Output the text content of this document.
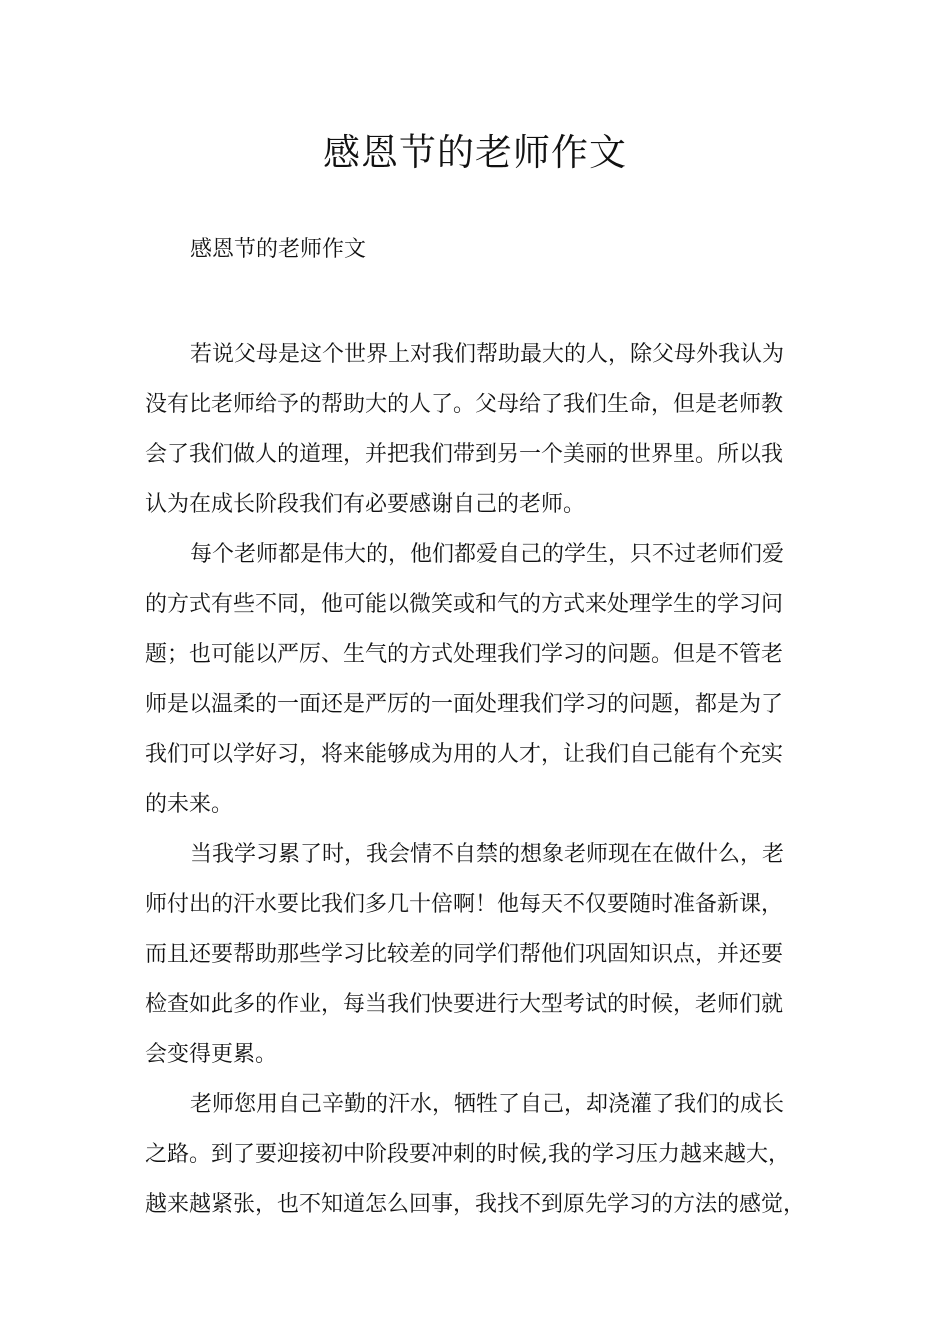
感恩节的老师作文
感恩节的老师作文
若说父母是这个世界上对我们帮助最大的人，除父母外我认为
没有比老师给予的帮助大的人了。父母给了我们生命，但是老师教
会了我们做人的道理，并把我们带到另一个美丽的世界里。所以我
认为在成长阶段我们有必要感谢自己的老师。
每个老师都是伟大的，他们都爱自己的学生，只不过老师们爱
的方式有些不同，他可能以微笑或和气的方式来处理学生的学习问
题；也可能以严厉、生气的方式处理我们学习的问题。但是不管老
师是以温柔的一面还是严厉的一面处理我们学习的问题，都是为了
我们可以学好习，将来能够成为用的人才，让我们自己能有个充实
的未来。
当我学习累了时，我会情不自禁的想象老师现在在做什么，老
师付出的汗水要比我们多几十倍啊！他每天不仅要随时准备新课，
而且还要帮助那些学习比较差的同学们帮他们巩固知识点，并还要
检查如此多的作业，每当我们快要进行大型考试的时候，老师们就
会变得更累。
老师您用自己辛勤的汗水，牺牲了自己，却浇灌了我们的成长
之路。到了要迎接初中阶段要冲刺的时候,我的学习压力越来越大，
越来越紧张，也不知道怎么回事，我找不到原先学习的方法的感觉，
